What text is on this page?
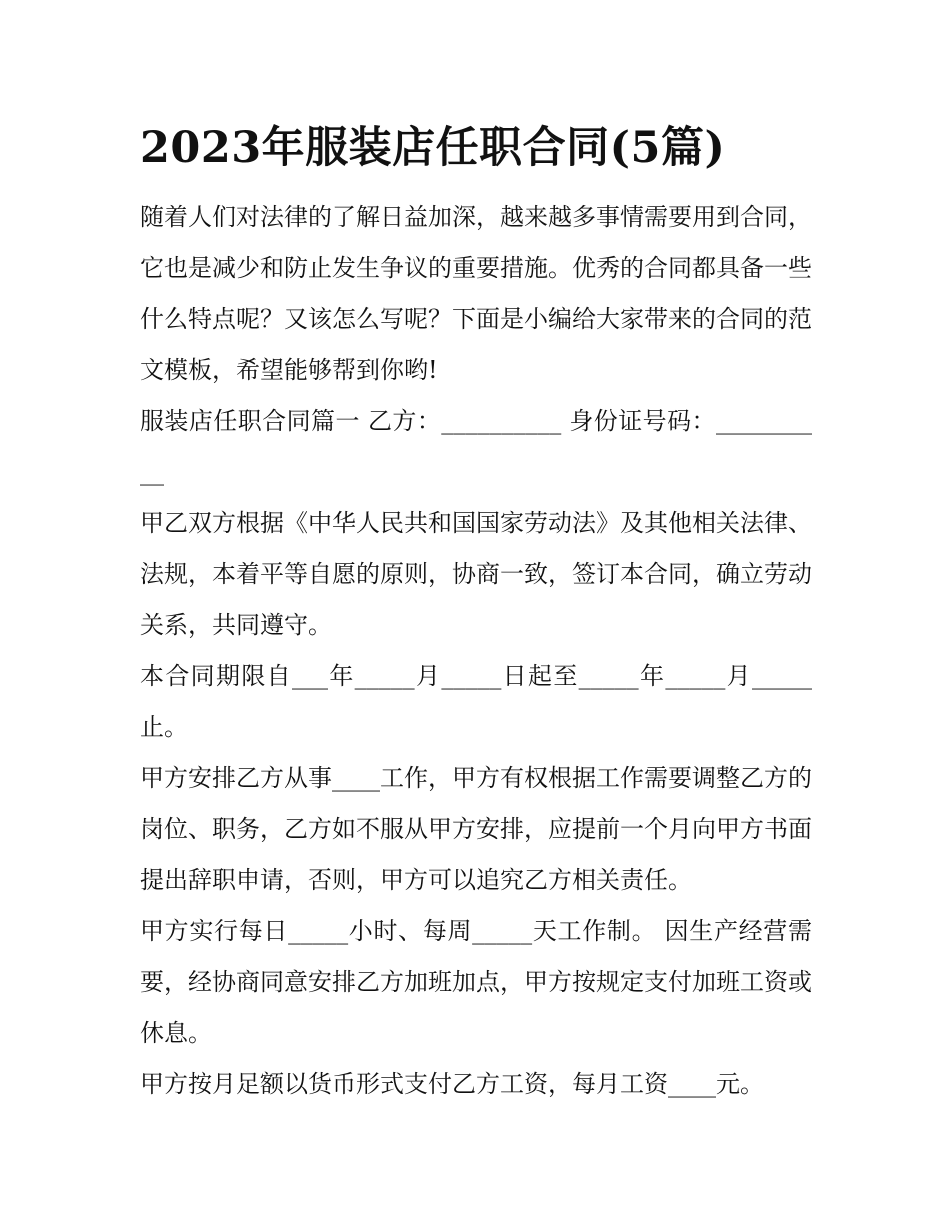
2023年服装店任职合同(5篇)

随着人们对法律的了解日益加深，越来越多事情需要用到合同，它也是减少和防止发生争议的重要措施。优秀的合同都具备一些什么特点呢？又该怎么写呢？下面是小编给大家带来的合同的范文模板，希望能够帮到你哟!

服装店任职合同篇一 乙方：__________ 身份证号码：__________

甲乙双方根据《中华人民共和国国家劳动法》及其他相关法律、法规，本着平等自愿的原则，协商一致，签订本合同，确立劳动关系，共同遵守。

本合同期限自___年_____月_____日起至_____年_____月_____止。

甲方安排乙方从事____工作，甲方有权根据工作需要调整乙方的岗位、职务，乙方如不服从甲方安排，应提前一个月向甲方书面提出辞职申请，否则，甲方可以追究乙方相关责任。

甲方实行每日_____小时、每周_____天工作制。 因生产经营需要，经协商同意安排乙方加班加点，甲方按规定支付加班工资或休息。

甲方按月足额以货币形式支付乙方工资，每月工资____元。
